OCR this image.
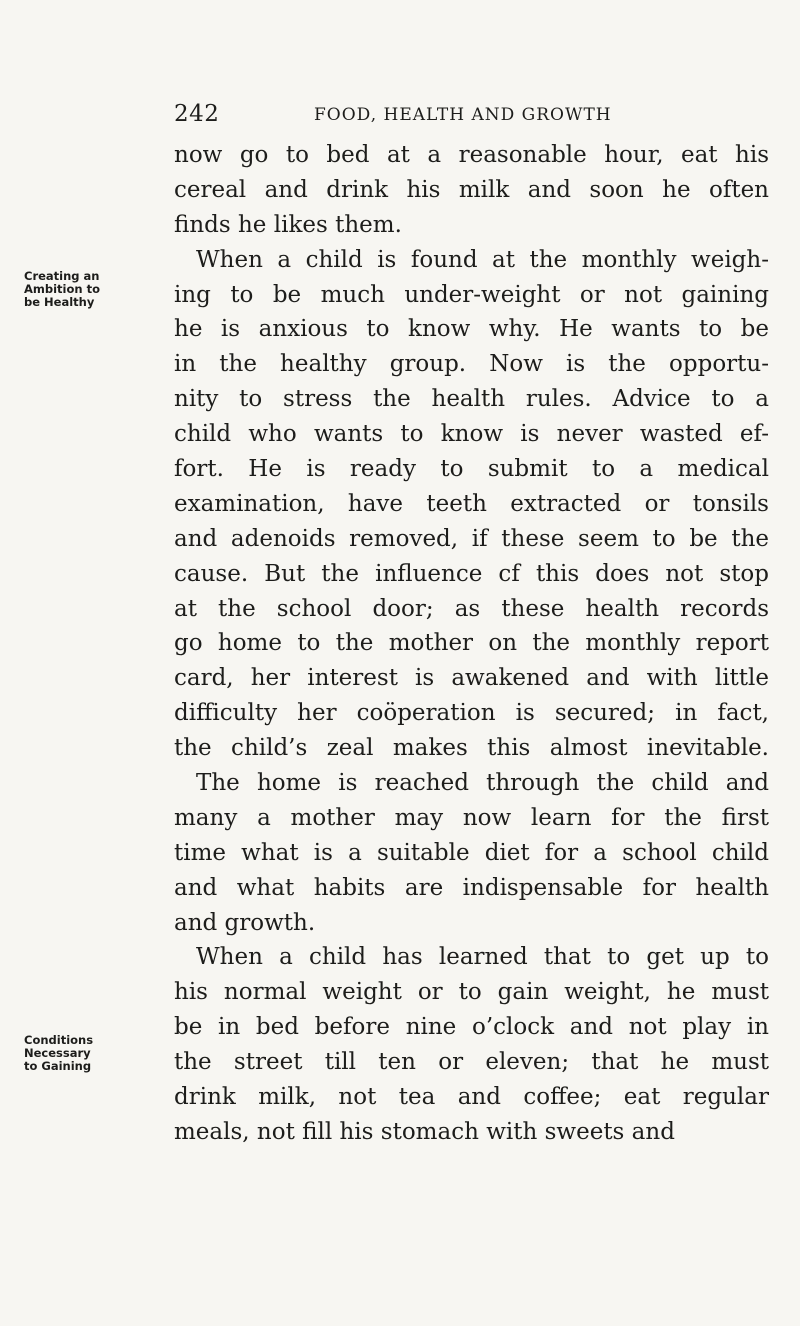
242	FOOD, HEALTH AND GROWTH
Creating an
Ambition to
be Healthy
Conditions
Necessary
to Gaining
now go to bed at a reasonable hour, eat his
cereal and drink his milk and soon he often
finds he likes them.
When a child is found at the monthly weigh-
ing to be much under-weight or not gaining
he is anxious to know why. He wants to be
in the healthy group. Now is the opportu-
nity to stress the health rules. Advice to a
child who wants to know is never wasted ef-
fort. He is ready to submit to a medical
examination, have teeth extracted or tonsils
and adenoids removed, if these seem to be the
cause. But the influence cf this does not stop
at the school door; as these health records
go home to the mother on the monthly report
card, her interest is awakened and with little
difficulty her coöperation is secured; in fact,
the child’s zeal makes this almost inevitable.
The home is reached through the child and
many a mother may now learn for the first
time what is a suitable diet for a school child
and what habits are indispensable for health
and growth.
When a child has learned that to get up to
his normal weight or to gain weight, he must
be in bed before nine o’clock and not play in
the street till ten or eleven; that he must
drink milk, not tea and coffee; eat regular
meals, not fill his stomach with sweets and
